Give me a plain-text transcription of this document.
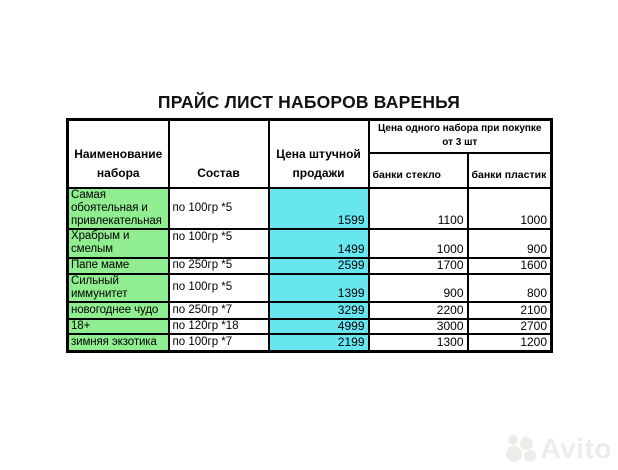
ПРАЙС ЛИСТ НАБОРОВ ВАРЕНЬЯ
Наименование набора	Состав	Цена штучной продажи	Цена одного набора при покупке от 3 шт	
			банки стекло	банки пластик
Самая обоятельная и привлекательная	по 100гр *5	1599	1100	1000
Храбрым и смелым	по 100гр *5	1499	1000	900
Папе маме	по 250гр *5	2599	1700	1600
Сильный иммунитет	по 100гр *5	1399	900	800
новогоднее чудо	по 250гр *7	3299	2200	2100
18+	по 120гр *18	4999	3000	2700
зимняя экзотика	по 100гр *7	2199	1300	1200
Avito
